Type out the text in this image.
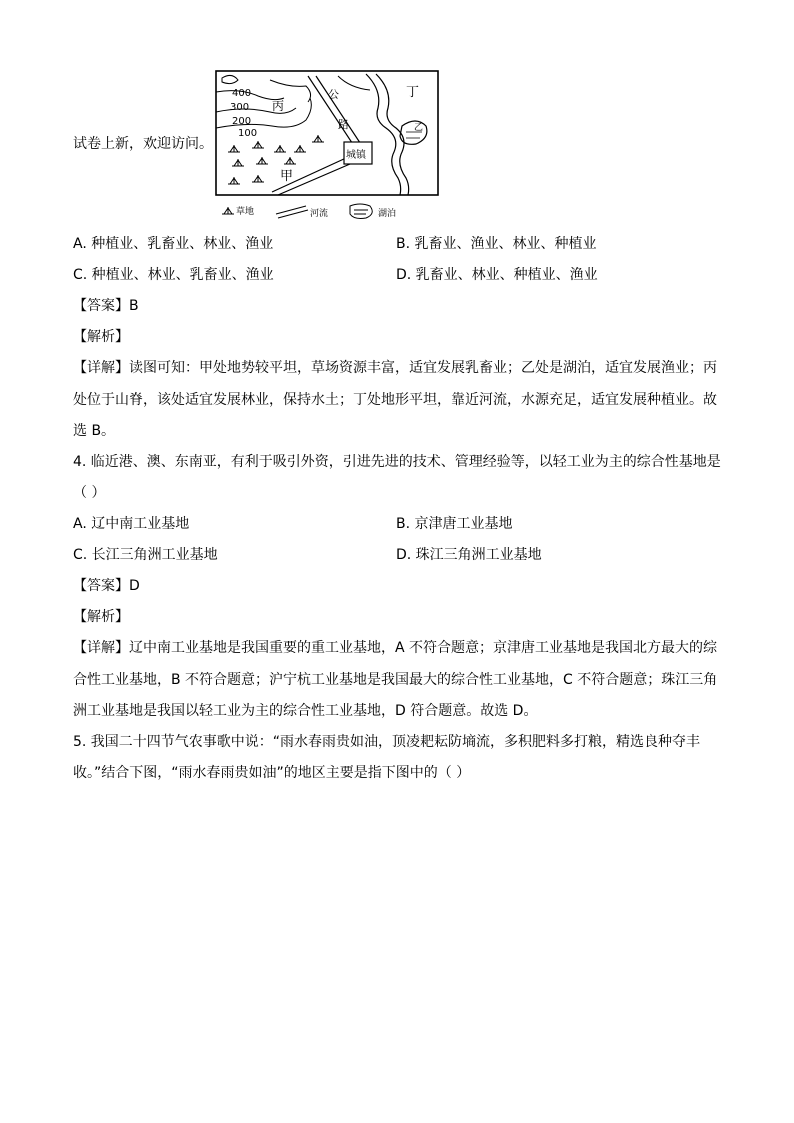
试卷上新，欢迎访问。
400
300
200
100
丙
公
路
城镇
丁
乙
甲
草地	河流	湖泊
A. 种植业、乳畜业、林业、渔业	B. 乳畜业、渔业、林业、种植业
C. 种植业、林业、乳畜业、渔业	D. 乳畜业、林业、种植业、渔业
【答案】B
【解析】
【详解】读图可知：甲处地势较平坦，草场资源丰富，适宜发展乳畜业；乙处是湖泊，适宜发展渔业；丙
处位于山脊，该处适宜发展林业，保持水土；丁处地形平坦，靠近河流，水源充足，适宜发展种植业。故
选 B。
4. 临近港、澳、东南亚，有利于吸引外资，引进先进的技术、管理经验等，以轻工业为主的综合性基地是
（ ）
A. 辽中南工业基地	B. 京津唐工业基地
C. 长江三角洲工业基地	D. 珠江三角洲工业基地
【答案】D
【解析】
【详解】辽中南工业基地是我国重要的重工业基地，A 不符合题意；京津唐工业基地是我国北方最大的综
合性工业基地，B 不符合题意；沪宁杭工业基地是我国最大的综合性工业基地，C 不符合题意；珠江三角
洲工业基地是我国以轻工业为主的综合性工业基地，D 符合题意。故选 D。
5. 我国二十四节气农事歌中说：“雨水春雨贵如油，顶凌耙耘防墒流，多积肥料多打粮，精选良种夺丰
收。”结合下图，“雨水春雨贵如油”的地区主要是指下图中的（ ）
